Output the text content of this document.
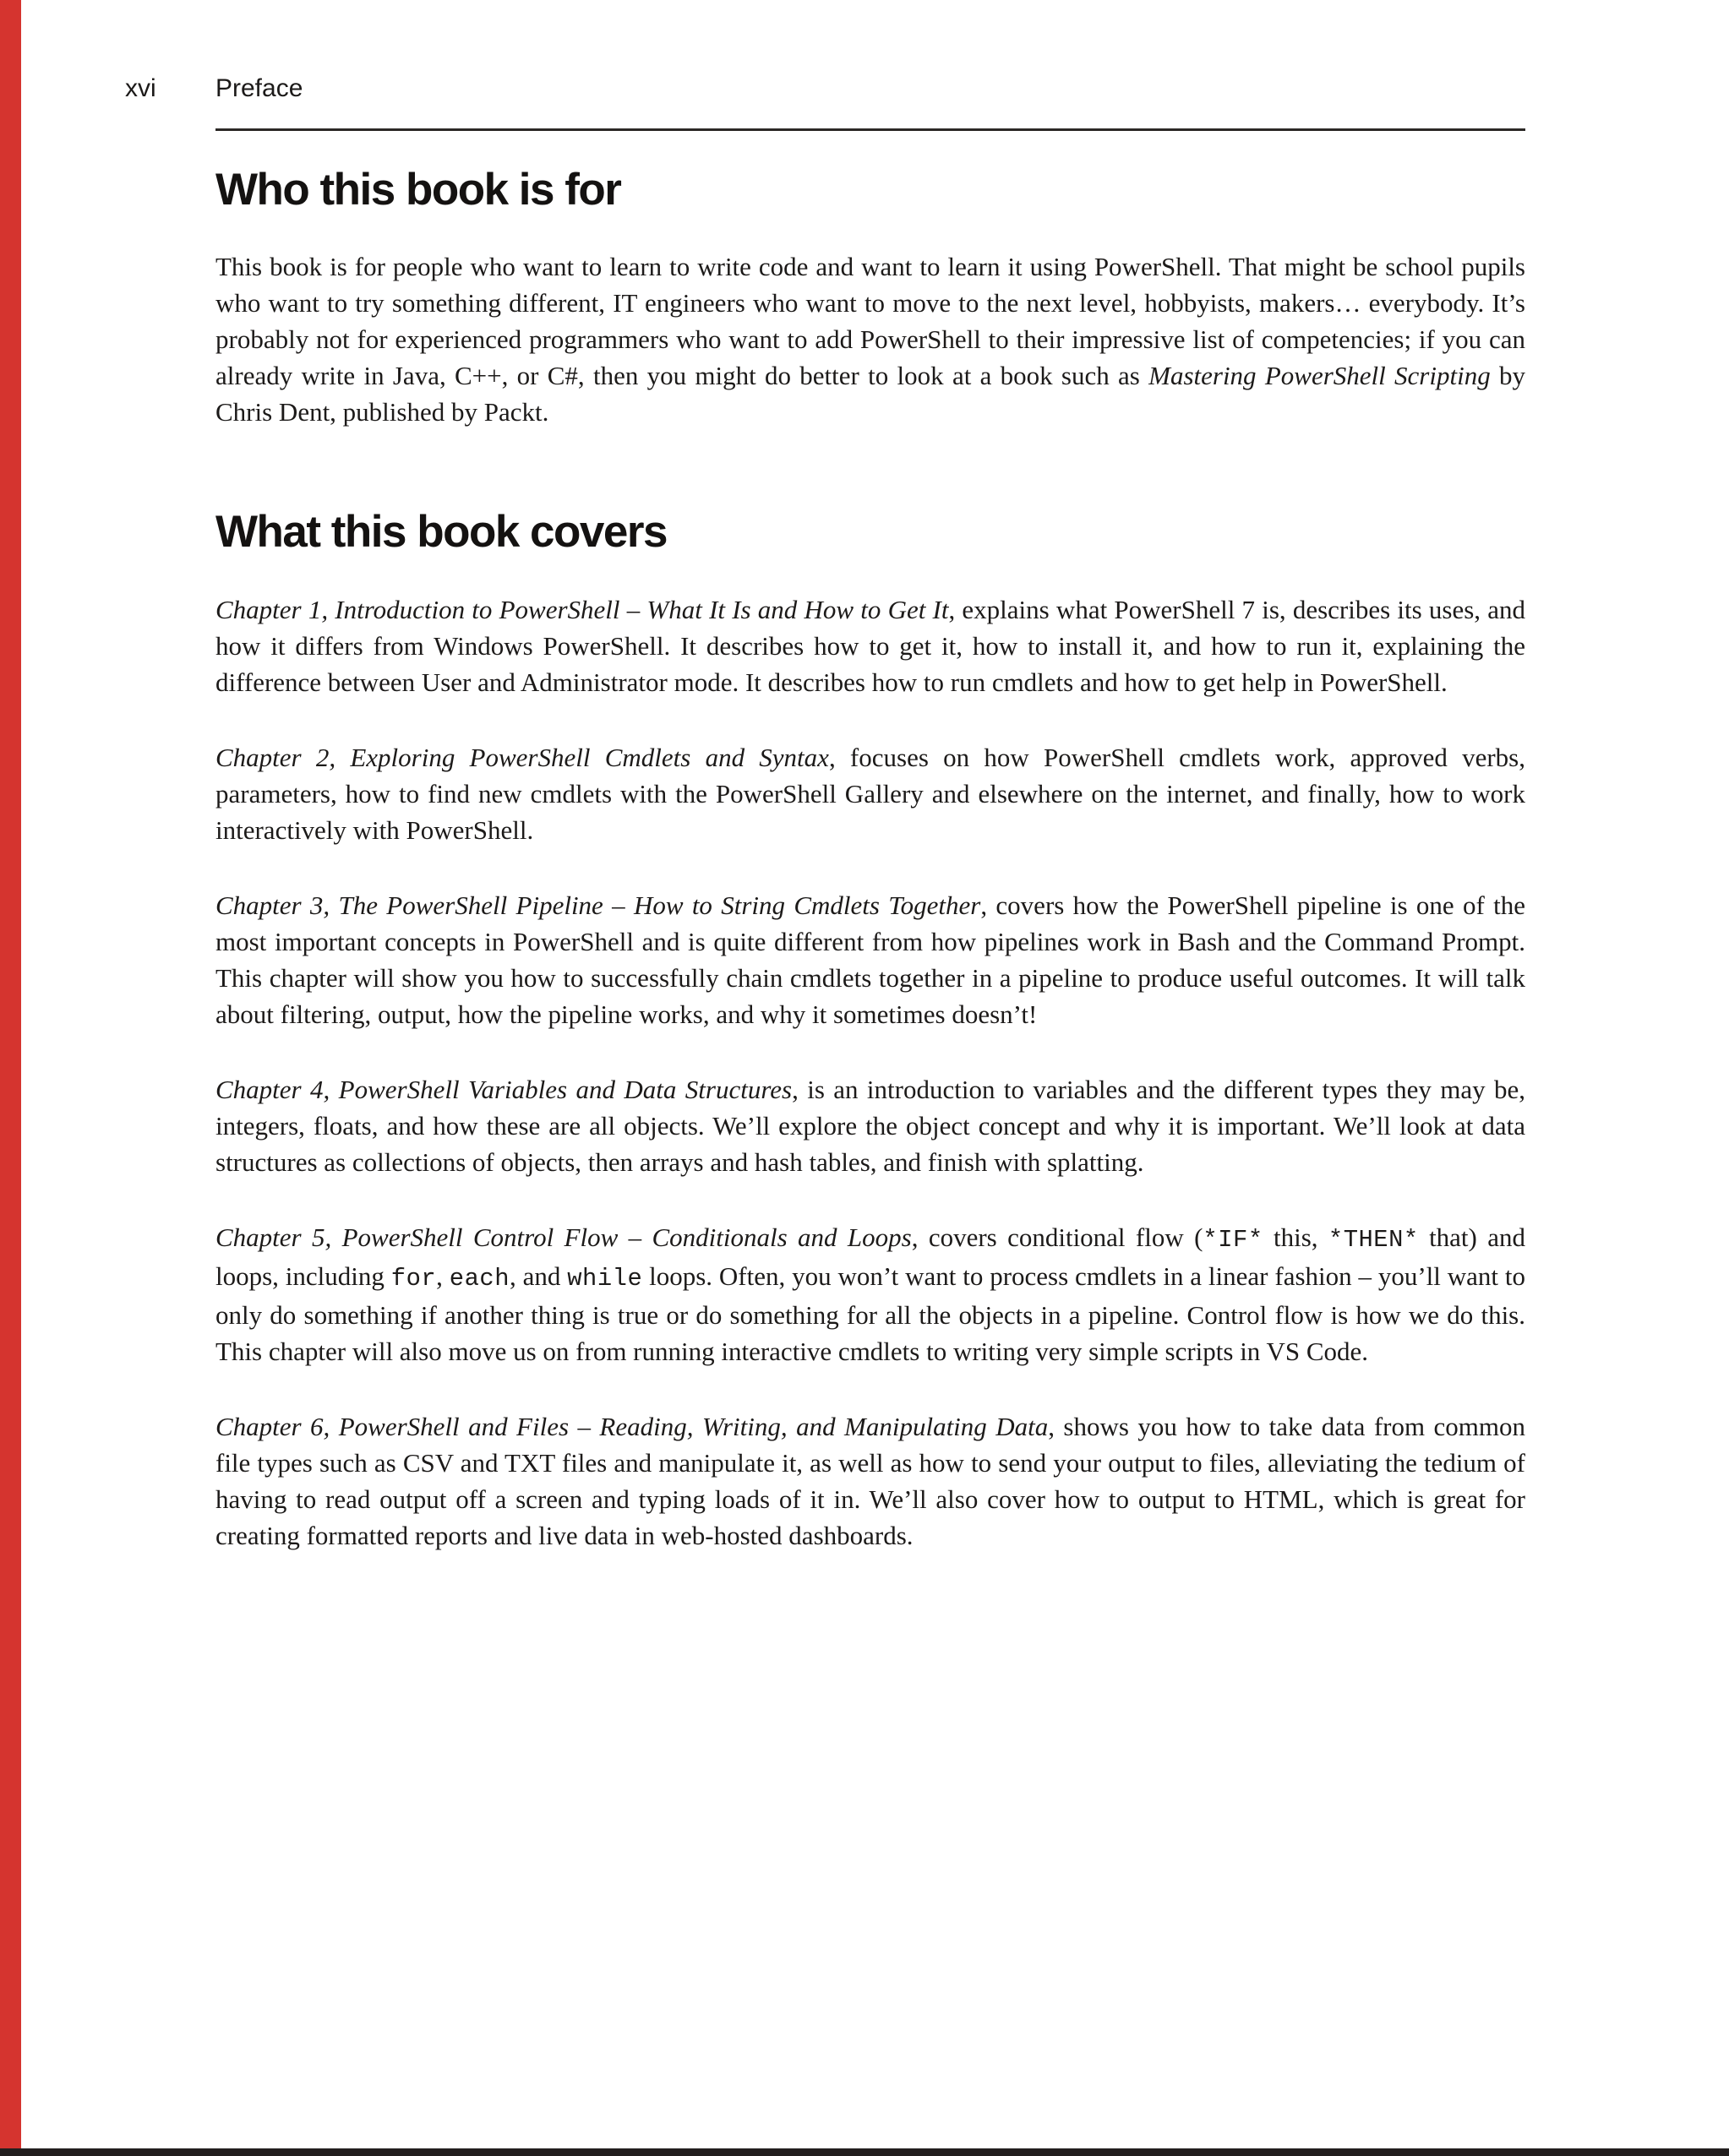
xvi Preface
Who this book is for

This book is for people who want to learn to write code and want to learn it using PowerShell. That might be school pupils who want to try something different, IT engineers who want to move to the next level, hobbyists, makers… everybody. It’s probably not for experienced programmers who want to add PowerShell to their impressive list of competencies; if you can already write in Java, C++, or C#, then you might do better to look at a book such as Mastering PowerShell Scripting by Chris Dent, published by Packt.

What this book covers

Chapter 1, Introduction to PowerShell – What It Is and How to Get It, explains what PowerShell 7 is, describes its uses, and how it differs from Windows PowerShell. It describes how to get it, how to install it, and how to run it, explaining the difference between User and Administrator mode. It describes how to run cmdlets and how to get help in PowerShell.

Chapter 2, Exploring PowerShell Cmdlets and Syntax, focuses on how PowerShell cmdlets work, approved verbs, parameters, how to find new cmdlets with the PowerShell Gallery and elsewhere on the internet, and finally, how to work interactively with PowerShell.

Chapter 3, The PowerShell Pipeline – How to String Cmdlets Together, covers how the PowerShell pipeline is one of the most important concepts in PowerShell and is quite different from how pipelines work in Bash and the Command Prompt. This chapter will show you how to successfully chain cmdlets together in a pipeline to produce useful outcomes. It will talk about filtering, output, how the pipeline works, and why it sometimes doesn’t!

Chapter 4, PowerShell Variables and Data Structures, is an introduction to variables and the different types they may be, integers, floats, and how these are all objects. We’ll explore the object concept and why it is important. We’ll look at data structures as collections of objects, then arrays and hash tables, and finish with splatting.

Chapter 5, PowerShell Control Flow – Conditionals and Loops, covers conditional flow (*IF* this, *THEN* that) and loops, including for, each, and while loops. Often, you won’t want to process cmdlets in a linear fashion – you’ll want to only do something if another thing is true or do something for all the objects in a pipeline. Control flow is how we do this. This chapter will also move us on from running interactive cmdlets to writing very simple scripts in VS Code.

Chapter 6, PowerShell and Files – Reading, Writing, and Manipulating Data, shows you how to take data from common file types such as CSV and TXT files and manipulate it, as well as how to send your output to files, alleviating the tedium of having to read output off a screen and typing loads of it in. We’ll also cover how to output to HTML, which is great for creating formatted reports and live data in web-hosted dashboards.
